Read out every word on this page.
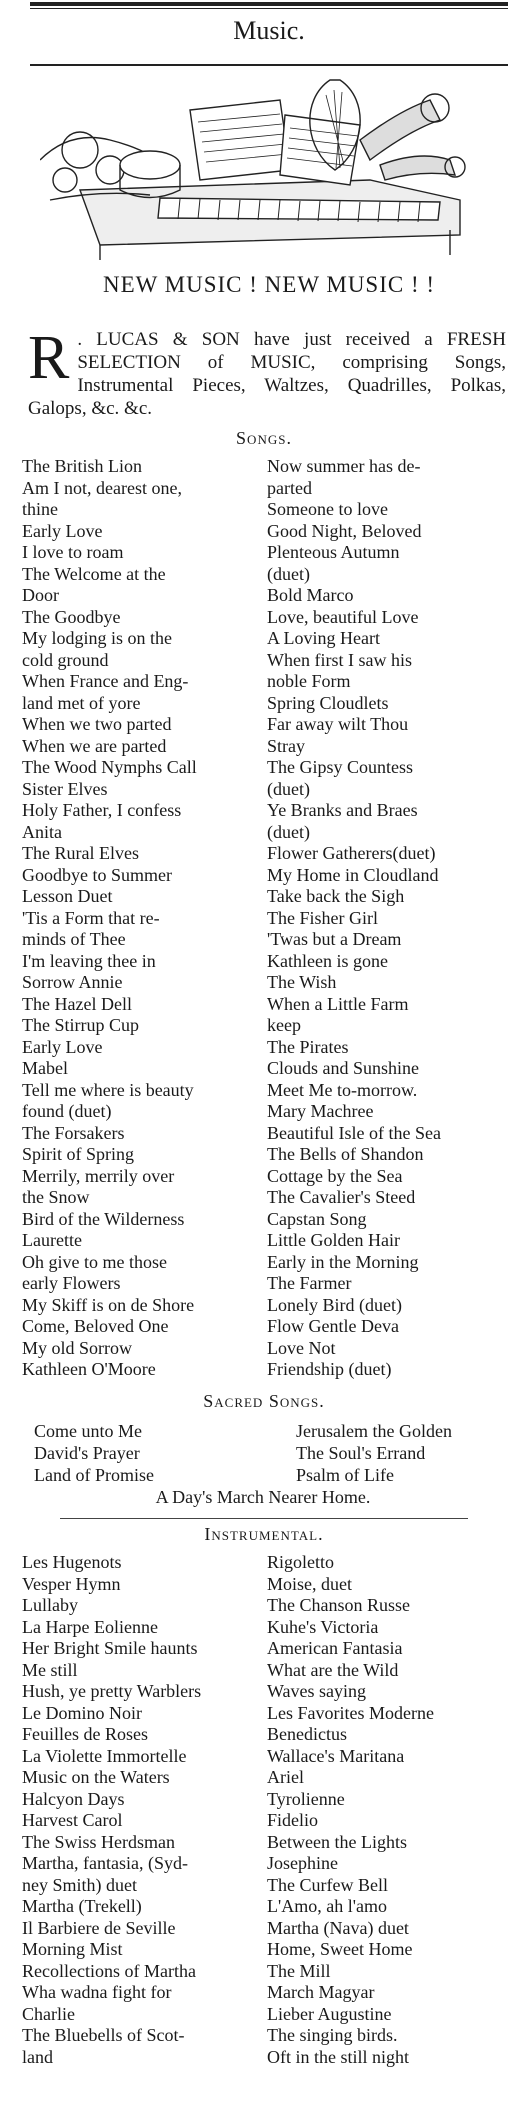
Music.
NEW MUSIC ! NEW MUSIC ! !
R . LUCAS & SON have just received a FRESH SELECTION of MUSIC, comprising Songs, Instrumental Pieces, Waltzes, Quadrilles, Polkas, Galops, &c. &c.

Songs.
The British Lion	Now summer has de-
Am I not, dearest one,	parted
thine	Someone to love
Early Love	Good Night, Beloved
I love to roam	Plenteous Autumn
The Welcome at the	(duet)
Door	Bold Marco
The Goodbye	Love, beautiful Love
My lodging is on the	A Loving Heart
cold ground	When first I saw his
When France and Eng-	noble Form
land met of yore	Spring Cloudlets
When we two parted	Far away wilt Thou
When we are parted	Stray
The Wood Nymphs Call	The Gipsy Countess
Sister Elves	(duet)
Holy Father, I confess	Ye Branks and Braes
Anita	(duet)
The Rural Elves	Flower Gatherers(duet)
Goodbye to Summer	My Home in Cloudland
Lesson Duet	Take back the Sigh
'Tis a Form that re-	The Fisher Girl
minds of Thee	'Twas but a Dream
I'm leaving thee in	Kathleen is gone
Sorrow Annie	The Wish
The Hazel Dell	When a Little Farm
The Stirrup Cup	keep
Early Love	The Pirates
Mabel	Clouds and Sunshine
Tell me where is beauty	Meet Me to-morrow.
found (duet)	Mary Machree
The Forsakers	Beautiful Isle of the Sea
Spirit of Spring	The Bells of Shandon
Merrily, merrily over	Cottage by the Sea
the Snow	The Cavalier's Steed
Bird of the Wilderness	Capstan Song
Laurette	Little Golden Hair
Oh give to me those	Early in the Morning
early Flowers	The Farmer
My Skiff is on de Shore	Lonely Bird (duet)
Come, Beloved One	Flow Gentle Deva
My old Sorrow	Love Not
Kathleen O'Moore	Friendship (duet)
Sacred Songs.
Come unto Me	Jerusalem the Golden
David's Prayer	The Soul's Errand
Land of Promise	Psalm of Life
A Day's March Nearer Home.
Instrumental.
Les Hugenots	Rigoletto
Vesper Hymn	Moise, duet
Lullaby	The Chanson Russe
La Harpe Eolienne	Kuhe's Victoria
Her Bright Smile haunts	American Fantasia
Me still	What are the Wild
Hush, ye pretty Warblers	Waves saying
Le Domino Noir	Les Favorites Moderne
Feuilles de Roses	Benedictus
La Violette Immortelle	Wallace's Maritana
Music on the Waters	Ariel
Halcyon Days	Tyrolienne
Harvest Carol	Fidelio
The Swiss Herdsman	Between the Lights
Martha, fantasia, (Syd-	Josephine
ney Smith) duet	The Curfew Bell
Martha (Trekell)	L'Amo, ah l'amo
Il Barbiere de Seville	Martha (Nava) duet
Morning Mist	Home, Sweet Home
Recollections of Martha	The Mill
Wha wadna fight for	March Magyar
Charlie	Lieber Augustine
The Bluebells of Scot-	The singing birds.
land	Oft in the still night
